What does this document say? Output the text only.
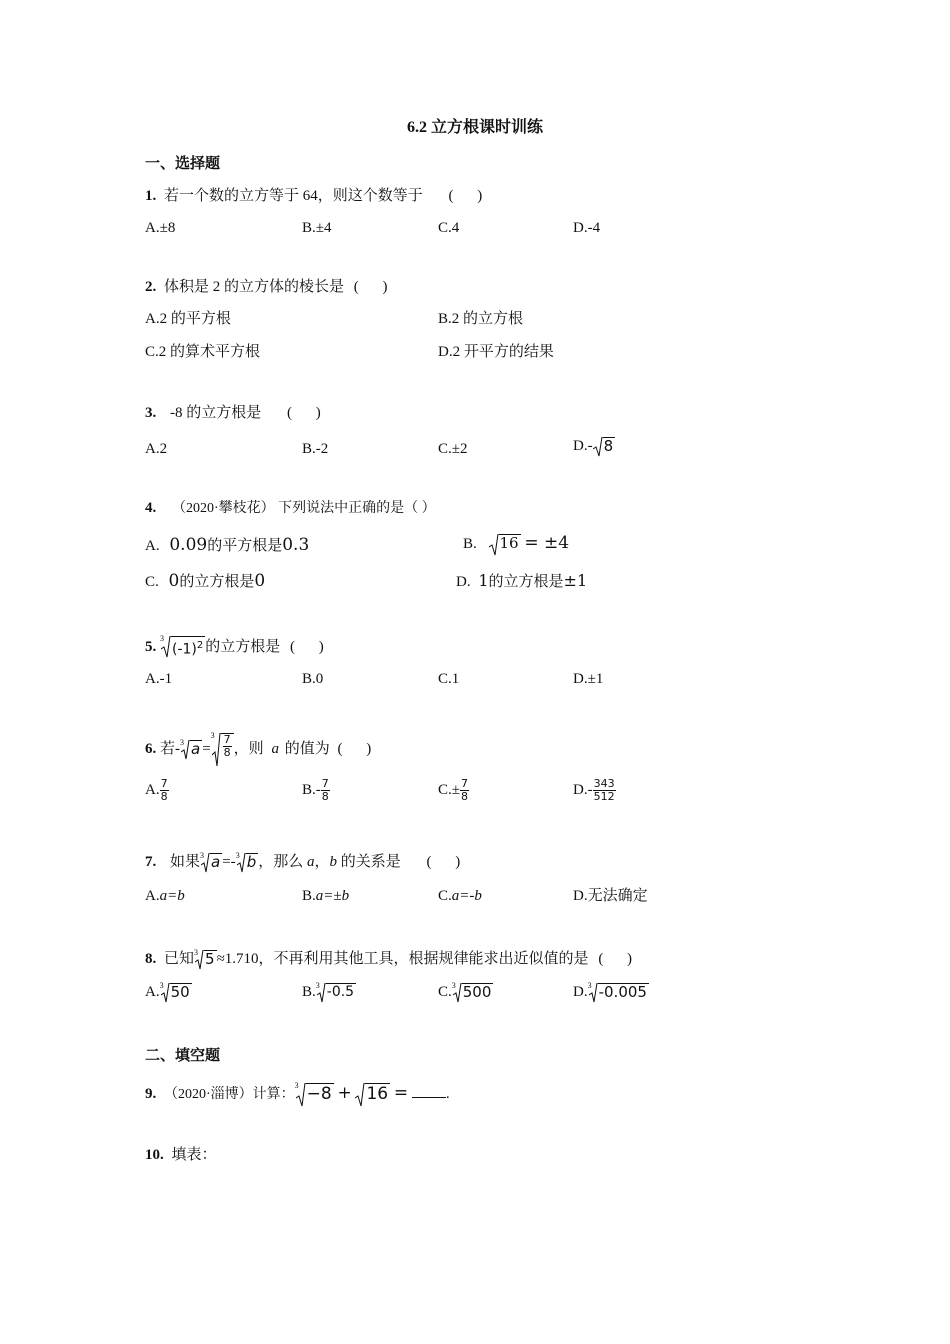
6.2 立方根课时训练
一、选择题
1. 若一个数的立方等于 64，则这个数等于 ( )
A.±8	B.±4	C.4	D.-4
2. 体积是 2 的立方体的棱长是 ( )
A.2 的平方根	B.2 的立方根
C.2 的算术平方根	D.2 开平方的结果
3. -8 的立方根是 ( )
A.2	B.-2	C.±2	D.- 8
4. （2020·攀枝花） 下列说法中正确的是（ ）
A. 0.09的平方根是0.3	B. 16 = ±4
C. 0的立方根是0	D. 1的立方根是±1
5.
3
$(-1)^2$ 的立方根是 ( )
A.-1	B.0	C.1	D.±1
6. 若- 3 a =
$3 \frac{7}{8}$ ，则 a 的值为 ( )
A. $\frac{7}{8}$	$B.- \frac{7}{8}$	$C.\pm \frac{7}{8}$	$D.- \frac{343}{512}$
7. 如果 3 a =- 3 b ，那么 a，b 的关系是 ( )
A.a=b	B.a=±b	C.a=-b	D.无法确定
8. 已知 3 5 ≈1.710，不再利用其他工具，根据规律能求出近似值的是 ( )
A. 3 50	B. 3 -0.5	C. 3 500	D. 3 -0.005
二、填空题
9. （2020·淄博）计算：
3 −8 + 16 =	.
10. 填表：
